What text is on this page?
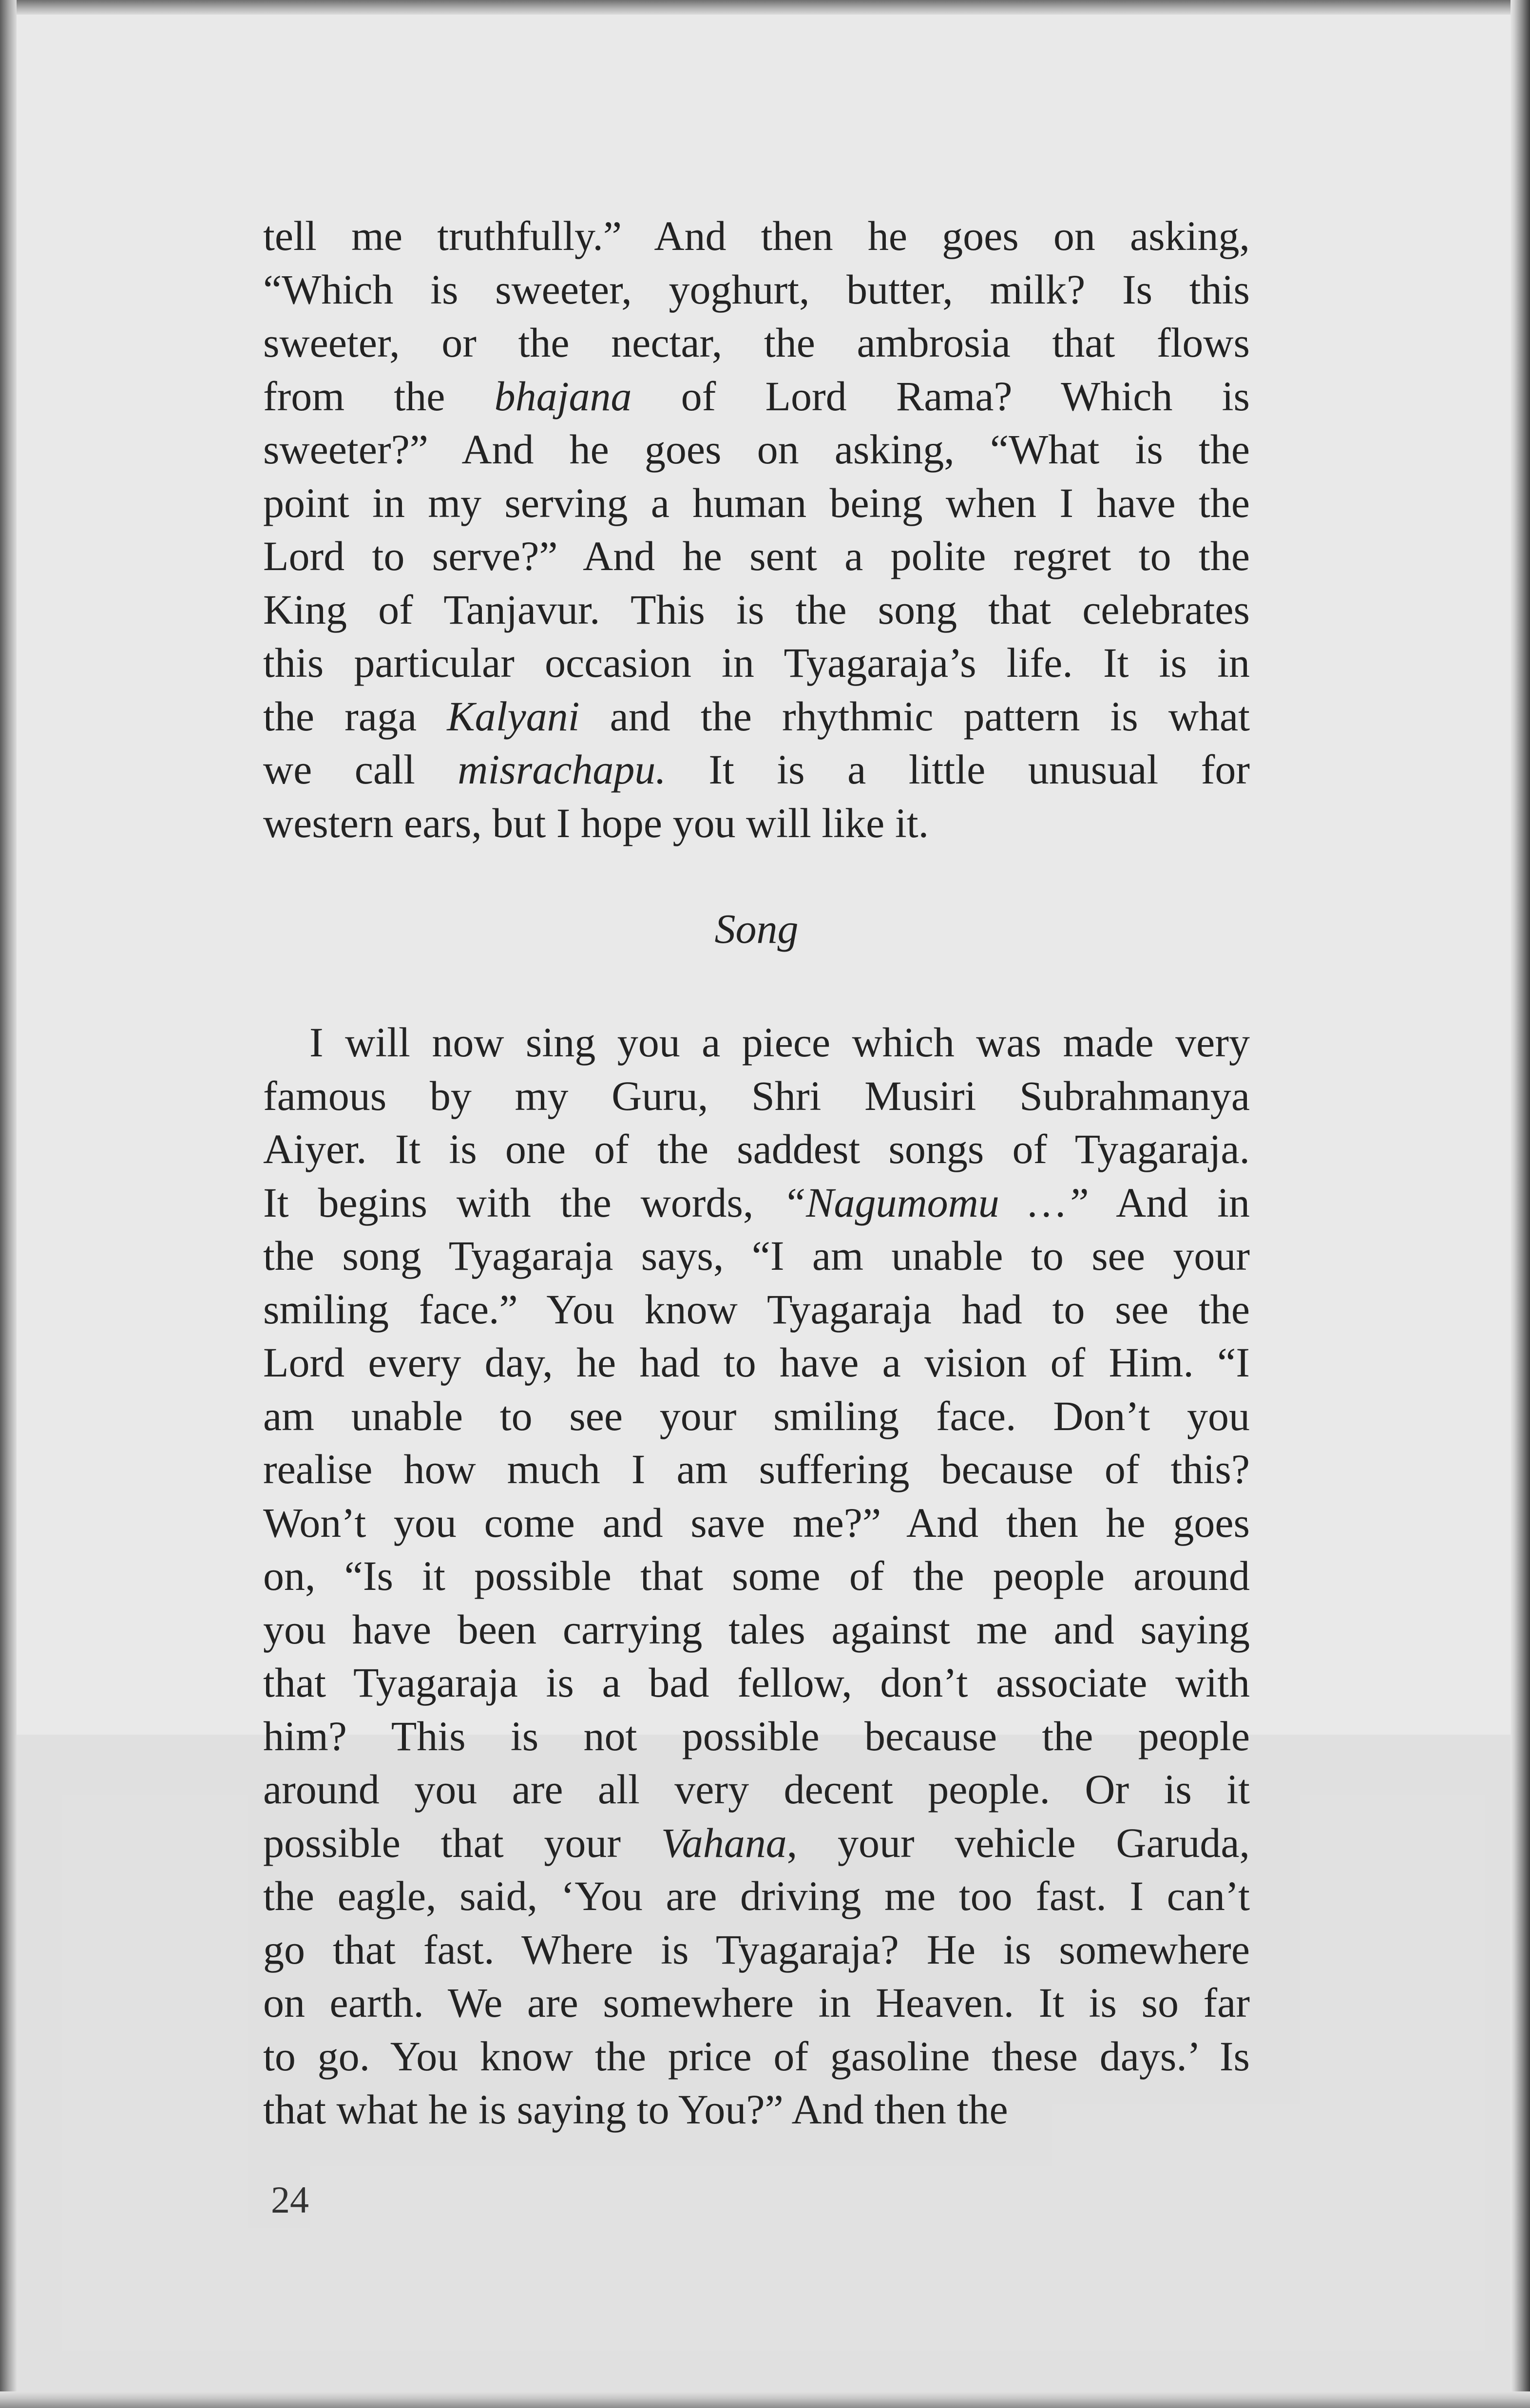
tell me truthfully.” And then he goes on asking,
“Which is sweeter, yoghurt, butter, milk? Is this
sweeter, or the nectar, the ambrosia that flows
from the bhajana of Lord Rama? Which is
sweeter?” And he goes on asking, “What is the
point in my serving a human being when I have the
Lord to serve?” And he sent a polite regret to the
King of Tanjavur. This is the song that celebrates
this particular occasion in Tyagaraja’s life. It is in
the raga Kalyani and the rhythmic pattern is what
we call misrachapu. It is a little unusual for
western ears, but I hope you will like it.
Song
I will now sing you a piece which was made very
famous by my Guru, Shri Musiri Subrahmanya
Aiyer. It is one of the saddest songs of Tyagaraja.
It begins with the words, “Nagumomu …” And in
the song Tyagaraja says, “I am unable to see your
smiling face.” You know Tyagaraja had to see the
Lord every day, he had to have a vision of Him. “I
am unable to see your smiling face. Don’t you
realise how much I am suffering because of this?
Won’t you come and save me?” And then he goes
on, “Is it possible that some of the people around
you have been carrying tales against me and saying
that Tyagaraja is a bad fellow, don’t associate with
him? This is not possible because the people
around you are all very decent people. Or is it
possible that your Vahana, your vehicle Garuda,
the eagle, said, ‘You are driving me too fast. I can’t
go that fast. Where is Tyagaraja? He is somewhere
on earth. We are somewhere in Heaven. It is so far
to go. You know the price of gasoline these days.’ Is
that what he is saying to You?” And then the
24
